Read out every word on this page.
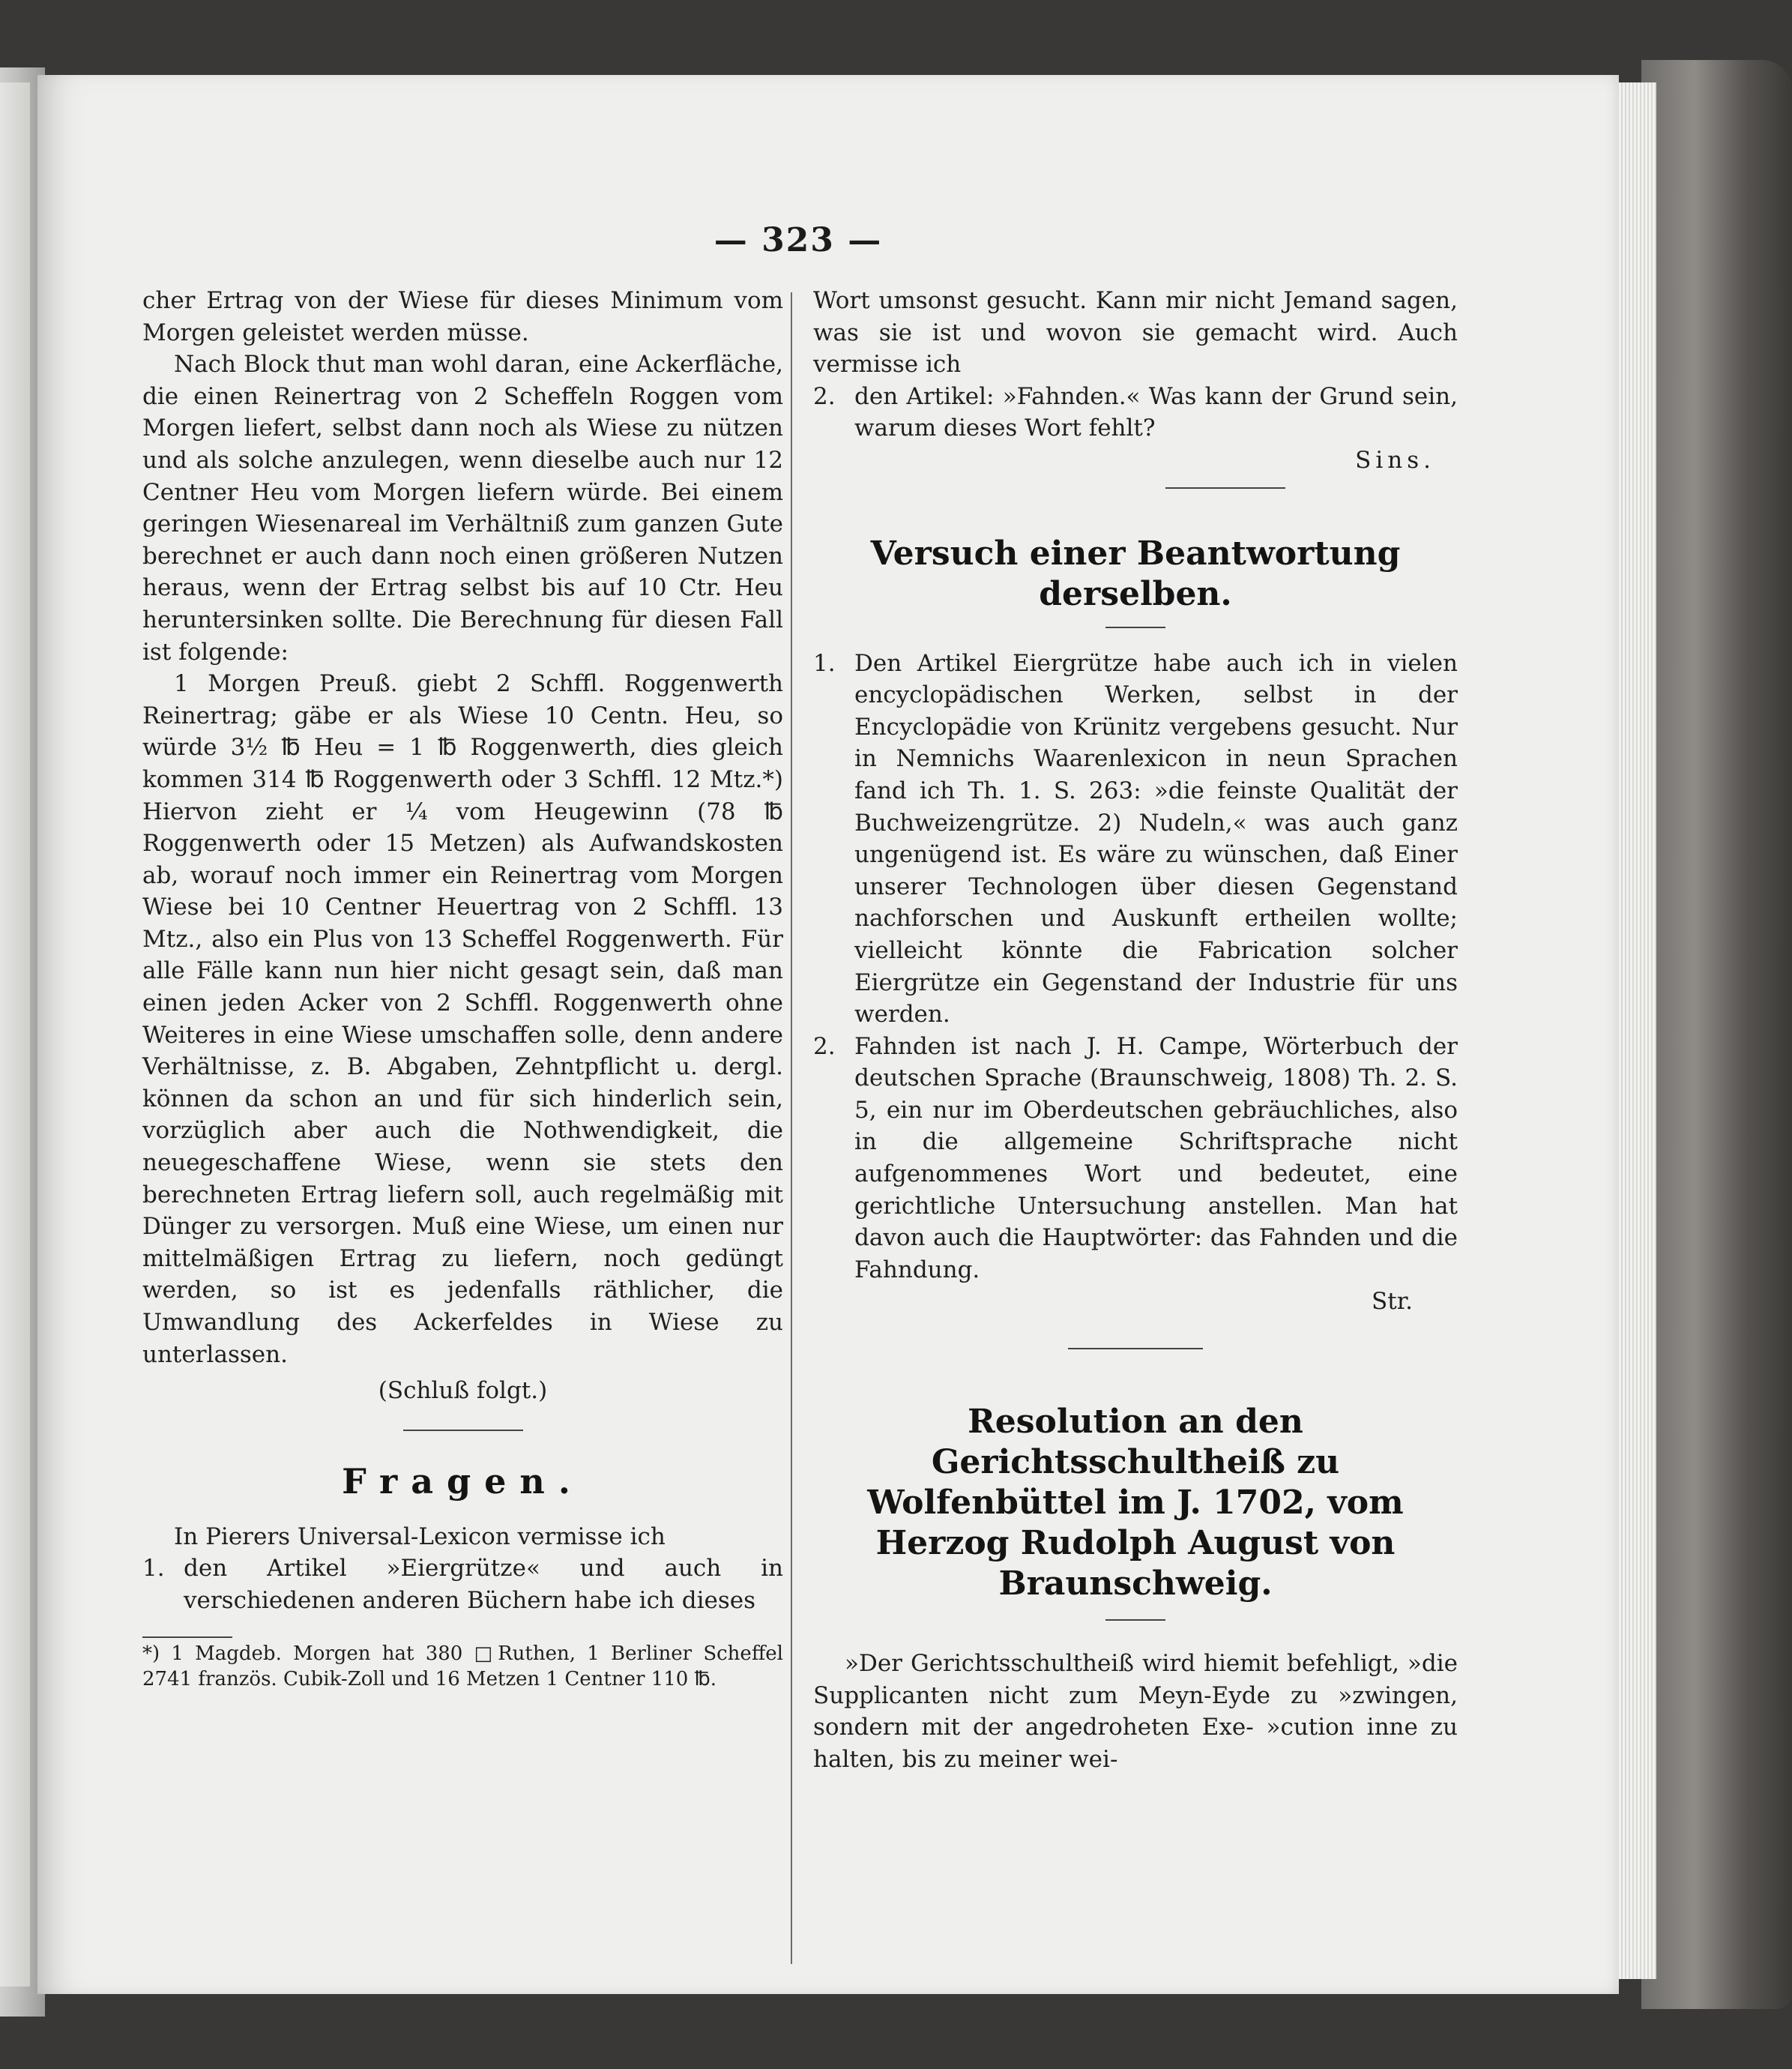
— 323 —

cher Ertrag von der Wiese für dieses Minimum vom Morgen geleistet werden müsse.

Nach Block thut man wohl daran, eine Ackerfläche, die einen Reinertrag von 2 Scheffeln Roggen vom Morgen liefert, selbst dann noch als Wiese zu nützen und als solche anzulegen, wenn dieselbe auch nur 12 Centner Heu vom Morgen liefern würde. Bei einem geringen Wiesenareal im Verhältniß zum ganzen Gute berechnet er auch dann noch einen größeren Nutzen heraus, wenn der Ertrag selbst bis auf 10 Ctr. Heu heruntersinken sollte. Die Berechnung für diesen Fall ist folgende:

1 Morgen Preuß. giebt 2 Schffl. Roggenwerth Reinertrag; gäbe er als Wiese 10 Centn. Heu, so würde 3½ ℔ Heu = 1 ℔ Roggenwerth, dies gleich kommen 314 ℔ Roggenwerth oder 3 Schffl. 12 Mtz.*) Hiervon zieht er ¼ vom Heugewinn (78 ℔ Roggenwerth oder 15 Metzen) als Aufwandskosten ab, worauf noch immer ein Reinertrag vom Morgen Wiese bei 10 Centner Heuertrag von 2 Schffl. 13 Mtz., also ein Plus von 13 Scheffel Roggenwerth. Für alle Fälle kann nun hier nicht gesagt sein, daß man einen jeden Acker von 2 Schffl. Roggenwerth ohne Weiteres in eine Wiese umschaffen solle, denn andere Verhältnisse, z. B. Abgaben, Zehntpflicht u. dergl. können da schon an und für sich hinderlich sein, vorzüglich aber auch die Nothwendigkeit, die neuegeschaffene Wiese, wenn sie stets den berechneten Ertrag liefern soll, auch regelmäßig mit Dünger zu versorgen. Muß eine Wiese, um einen nur mittelmäßigen Ertrag zu liefern, noch gedüngt werden, so ist es jedenfalls räthlicher, die Umwandlung des Ackerfeldes in Wiese zu unterlassen.

(Schluß folgt.)

Fragen.

In Pierers Universal-Lexicon vermisse ich

1. den Artikel »Eiergrütze« und auch in verschiedenen anderen Büchern habe ich dieses

*) 1 Magdeb. Morgen hat 380 □Ruthen, 1 Berliner Scheffel 2741 französ. Cubik-Zoll und 16 Metzen 1 Centner 110 ℔.

Wort umsonst gesucht. Kann mir nicht Jemand sagen, was sie ist und wovon sie gemacht wird. Auch vermisse ich

2. den Artikel: »Fahnden.« Was kann der Grund sein, warum dieses Wort fehlt?

Sins.

Versuch einer Beantwortung derselben.
1. Den Artikel Eiergrütze habe auch ich in vielen encyclopädischen Werken, selbst in der Encyclopädie von Krünitz vergebens gesucht. Nur in Nemnichs Waarenlexicon in neun Sprachen fand ich Th. 1. S. 263: »die feinste Qualität der Buchweizengrütze. 2) Nudeln,« was auch ganz ungenügend ist. Es wäre zu wünschen, daß Einer unserer Technologen über diesen Gegenstand nachforschen und Auskunft ertheilen wollte; vielleicht könnte die Fabrication solcher Eiergrütze ein Gegenstand der Industrie für uns werden.
2. Fahnden ist nach J. H. Campe, Wörterbuch der deutschen Sprache (Braunschweig, 1808) Th. 2. S. 5, ein nur im Oberdeutschen gebräuchliches, also in die allgemeine Schriftsprache nicht aufgenommenes Wort und bedeutet, eine gerichtliche Untersuchung anstellen. Man hat davon auch die Hauptwörter: das Fahnden und die Fahndung.

Str.

Resolution an den Gerichtsschultheiß zu Wolfenbüttel im J. 1702, vom Herzog Rudolph August von Braunschweig.

»Der Gerichtsschultheiß wird hiemit befehligt, »die Supplicanten nicht zum Meyn-Eyde zu »zwingen, sondern mit der angedroheten Exe- »cution inne zu halten, bis zu meiner wei-
